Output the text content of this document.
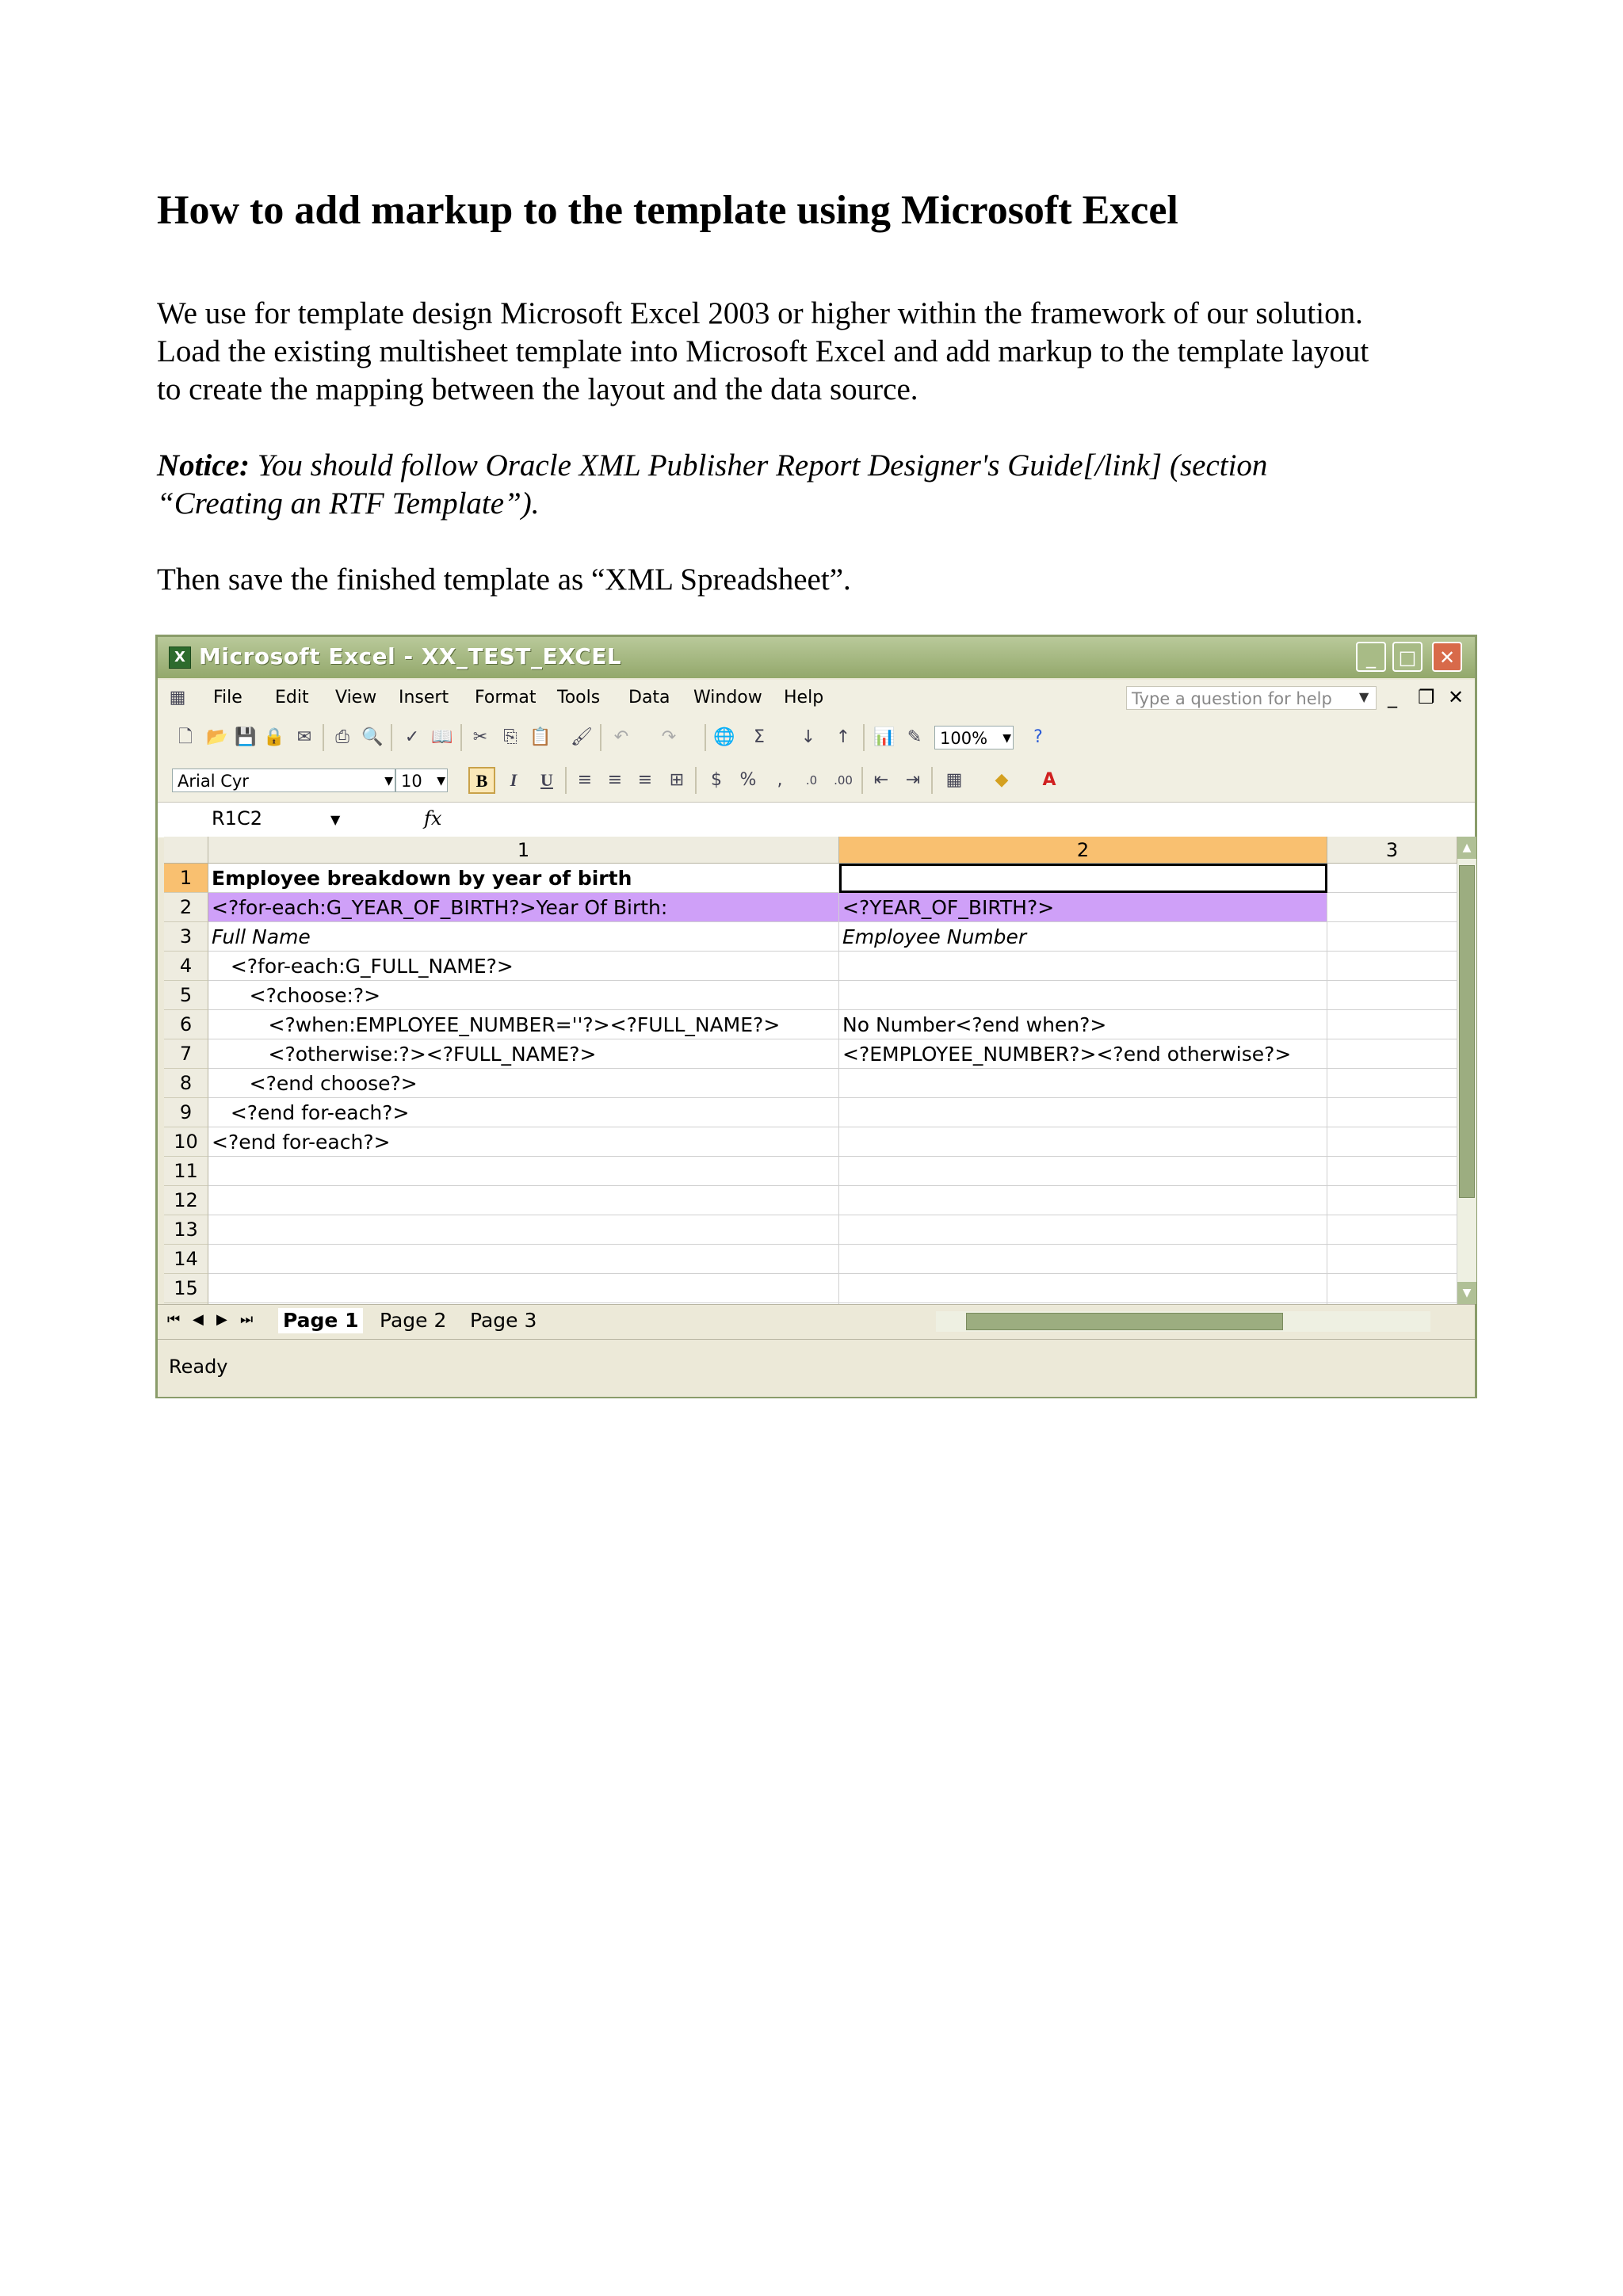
How to add markup to the template using Microsoft Excel

We use for template design Microsoft Excel 2003 or higher within the framework of our solution.
Load the existing multisheet template into Microsoft Excel and add markup to the template layout
to create the mapping between the layout and the data source.

Notice: You should follow Oracle XML Publisher Report Designer's Guide[/link] (section
“Creating an RTF Template”).

Then save the finished template as “XML Spreadsheet”.

X Microsoft Excel - XX_TEST_EXCEL	_	□	✕
▦ File Edit View Insert Format Tools Data Window Help	Type a question for help	▼ _ ❐ ✕
🗋 📂 💾 🔒 ✉ ⎙ 🔍 ✓ 📖 ✂ ⎘ 📋 🖌 ↶ ↷ 🌐	Σ	↓ ↑ 📊 ✎	100% ▼	?
Arial Cyr	▼ 10 ▼	B	I	U	≡ ≡ ≡ ⊞	$	%	,	.0	.00 ⇤ ⇥ ▦ ◆ A
R1C2	▼	fx
1	2	3
1 Employee breakdown by year of birth
2 <?for-each:G_YEAR_OF_BIRTH?>Year Of Birth:	<?YEAR_OF_BIRTH?>
3 Full Name	Employee Number
4 <?for-each:G_FULL_NAME?>
5 <?choose:?>
6 <?when:EMPLOYEE_NUMBER=''?><?FULL_NAME?>	No Number<?end when?>
7 <?otherwise:?><?FULL_NAME?>	<?EMPLOYEE_NUMBER?><?end otherwise?>
8 <?end choose?>
9 <?end for-each?>
10 <?end for-each?>
11
12
13
14
15
▲
▼
⏮ ◀ ▶ ⏭ Page 1 Page 2 Page 3
Ready
